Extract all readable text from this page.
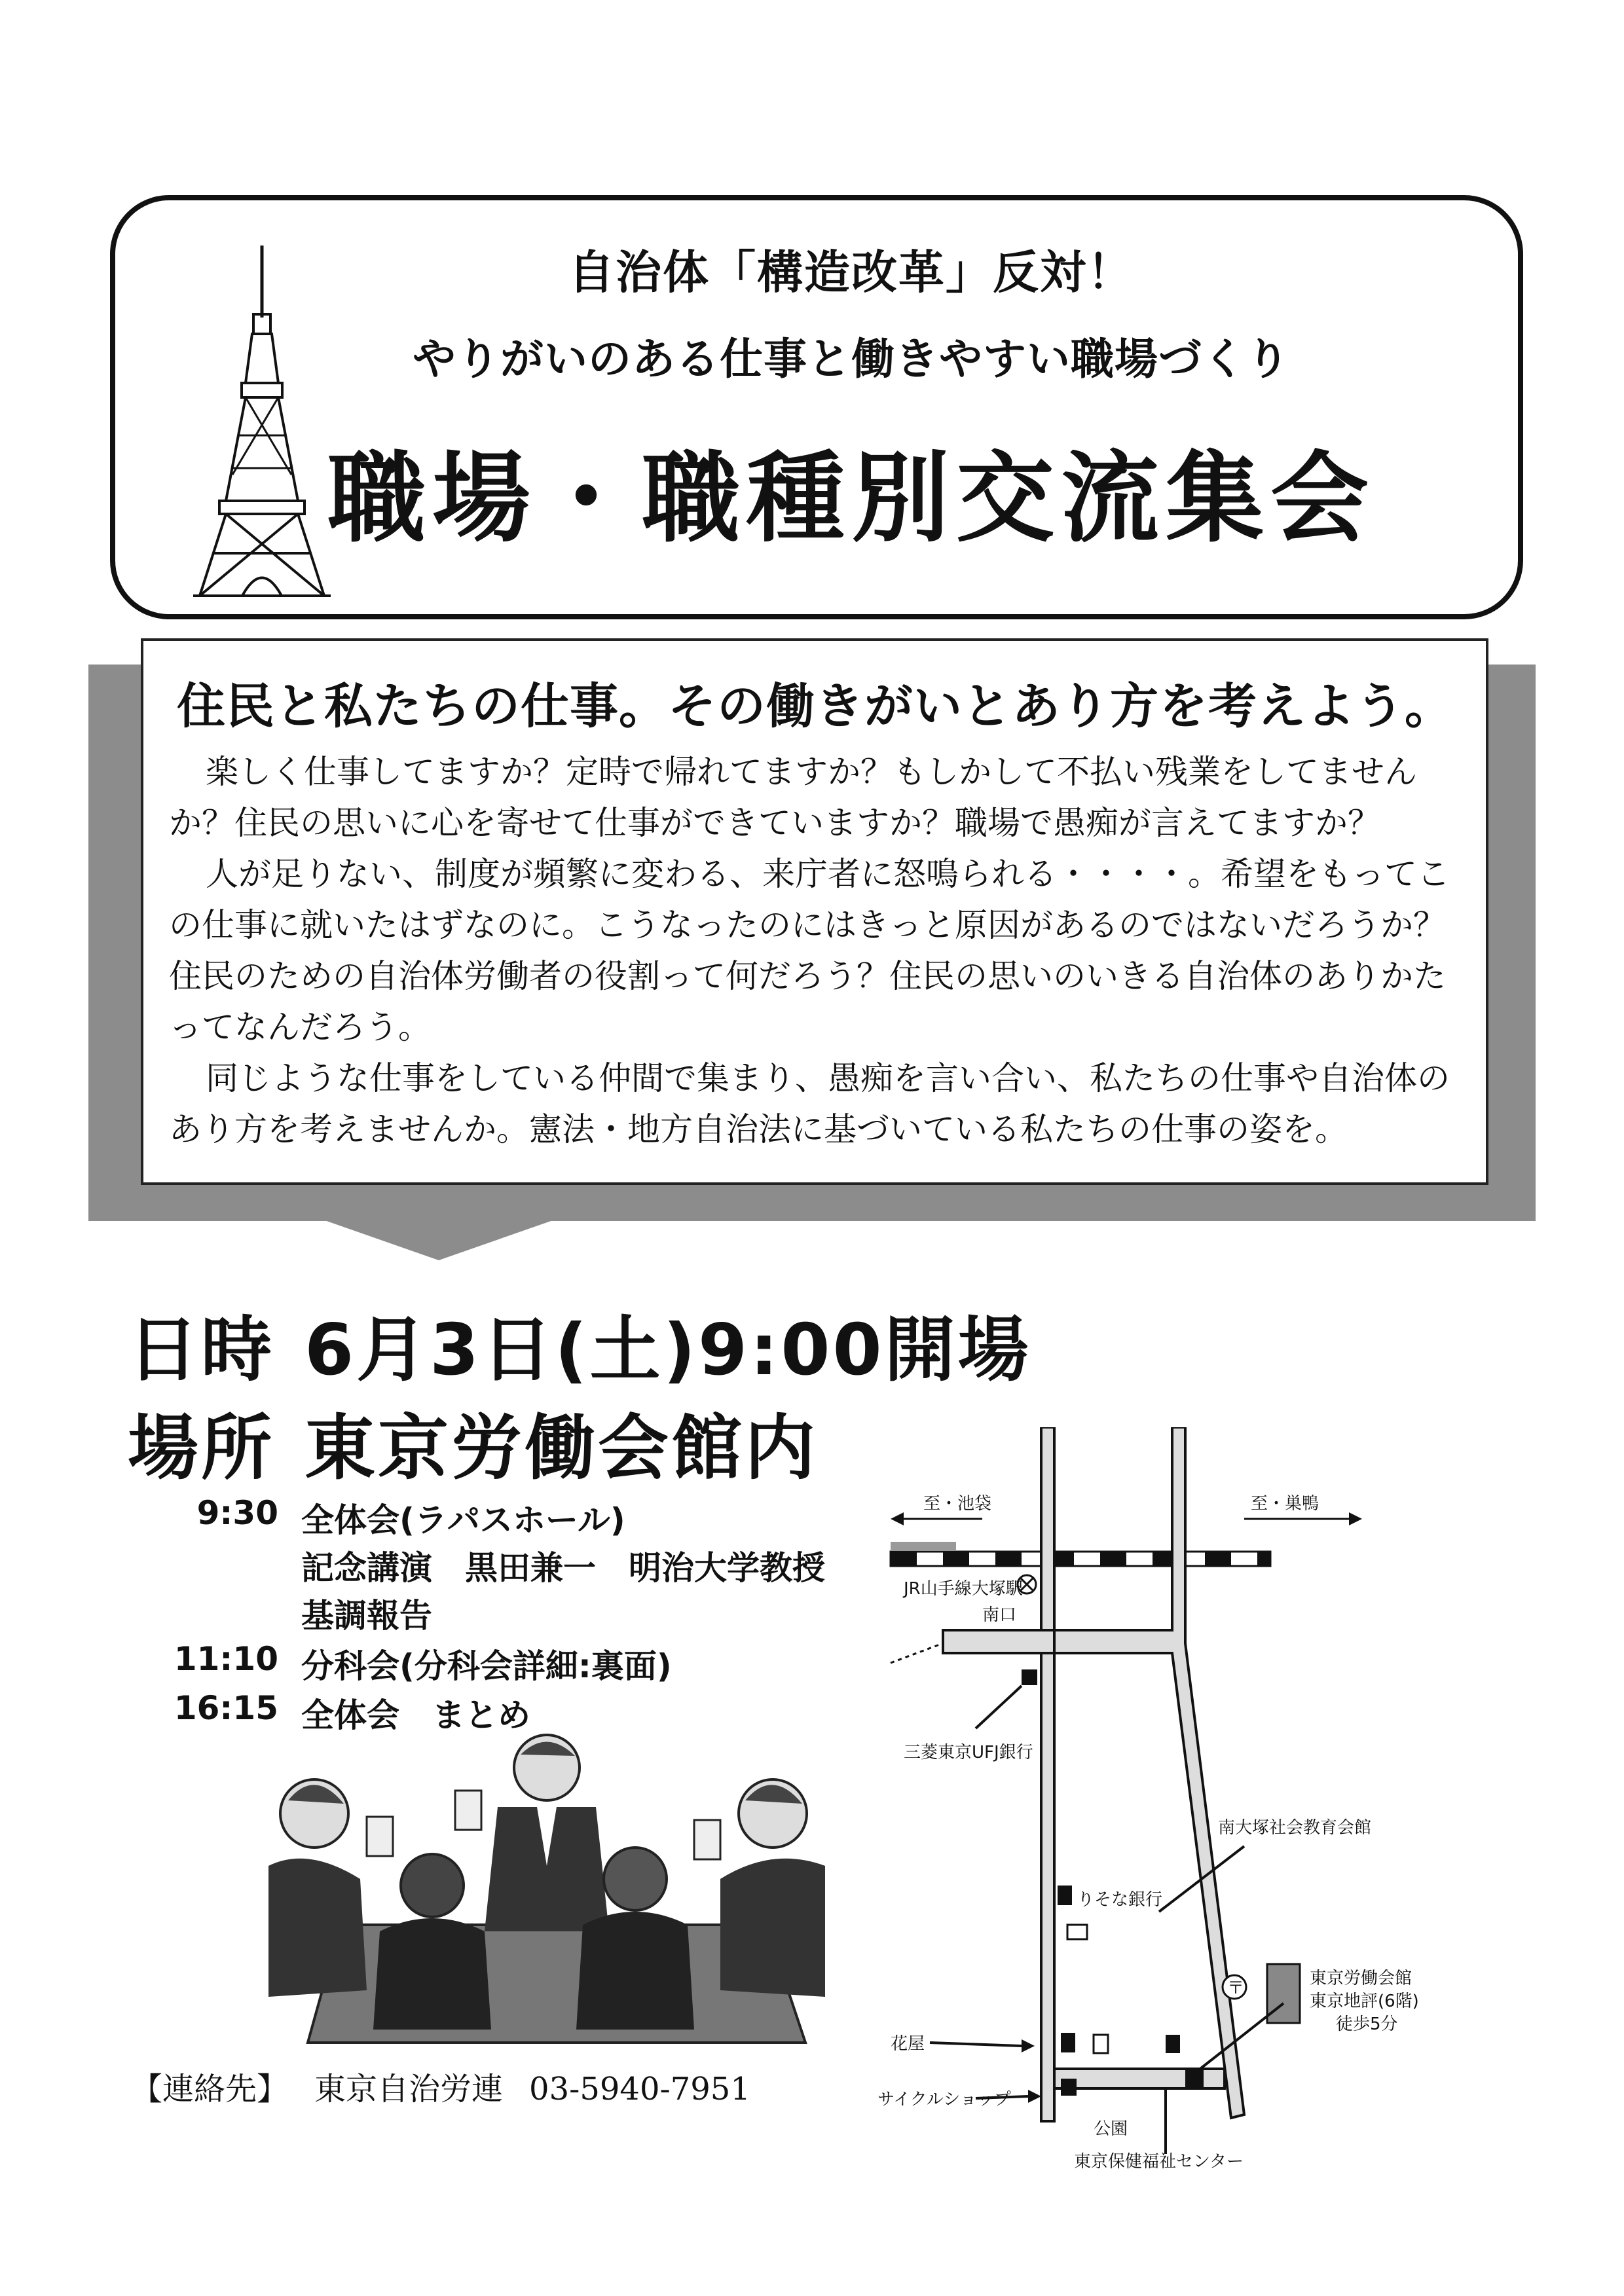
自治体「構造改革」反対！
やりがいのある仕事と働きやすい職場づくり
職場・職種別交流集会
住民と私たちの仕事。その働きがいとあり方を考えよう。

楽しく仕事してますか？定時で帰れてますか？もしかして不払い残業をしてませんか？住民の思いに心を寄せて仕事ができていますか？職場で愚痴が言えてますか？

人が足りない、制度が頻繁に変わる、来庁者に怒鳴られる・・・・。希望をもってこの仕事に就いたはずなのに。こうなったのにはきっと原因があるのではないだろうか？住民のための自治体労働者の役割って何だろう？住民の思いのいきる自治体のありかたってなんだろう。

同じような仕事をしている仲間で集まり、愚痴を言い合い、私たちの仕事や自治体のあり方を考えませんか。憲法・地方自治法に基づいている私たちの仕事の姿を。

日時 6月3日(土)9:00開場
場所 東京労働会館内
9:30 全体会(ラパスホール)
記念講演　黒田兼一　明治大学教授
基調報告
11:10 分科会(分科会詳細:裏面)
16:15 全体会　まとめ
【連絡先】 東京自治労連 03-5940-7951
至・池袋	至・巣鴨
JR山手線大塚駅
南口
三菱東京UFJ銀行
りそな銀行
南大塚社会教育会館
〒	東京労働会館
東京地評(6階)
徒歩5分
花屋
サイクルショップ
公園
東京保健福祉センター
